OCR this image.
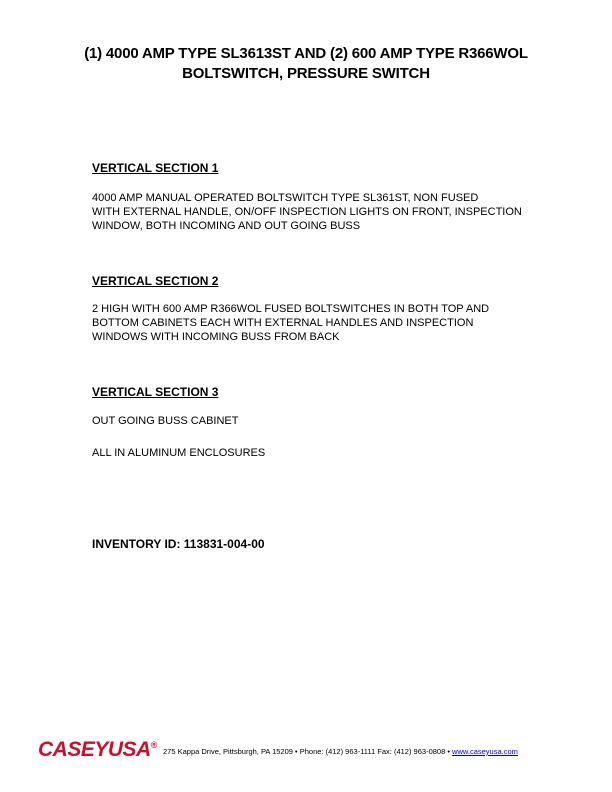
(1) 4000 AMP TYPE SL3613ST AND (2) 600 AMP TYPE R366WOL
BOLTSWITCH, PRESSURE SWITCH
VERTICAL SECTION 1
4000 AMP MANUAL OPERATED BOLTSWITCH TYPE SL361ST, NON FUSED
WITH EXTERNAL HANDLE, ON/OFF INSPECTION LIGHTS ON FRONT, INSPECTION
WINDOW, BOTH INCOMING AND OUT GOING BUSS
VERTICAL SECTION 2
2 HIGH WITH 600 AMP R366WOL FUSED BOLTSWITCHES IN BOTH TOP AND
BOTTOM CABINETS EACH WITH EXTERNAL HANDLES AND INSPECTION
WINDOWS WITH INCOMING BUSS FROM BACK
VERTICAL SECTION 3
OUT GOING BUSS CABINET
ALL IN ALUMINUM ENCLOSURES
INVENTORY ID: 113831-004-00
CASEYUSA®
275 Kappa Drive, Pittsburgh, PA 15209 • Phone: (412) 963-1111 Fax: (412) 963-0808 • www.caseyusa.com
